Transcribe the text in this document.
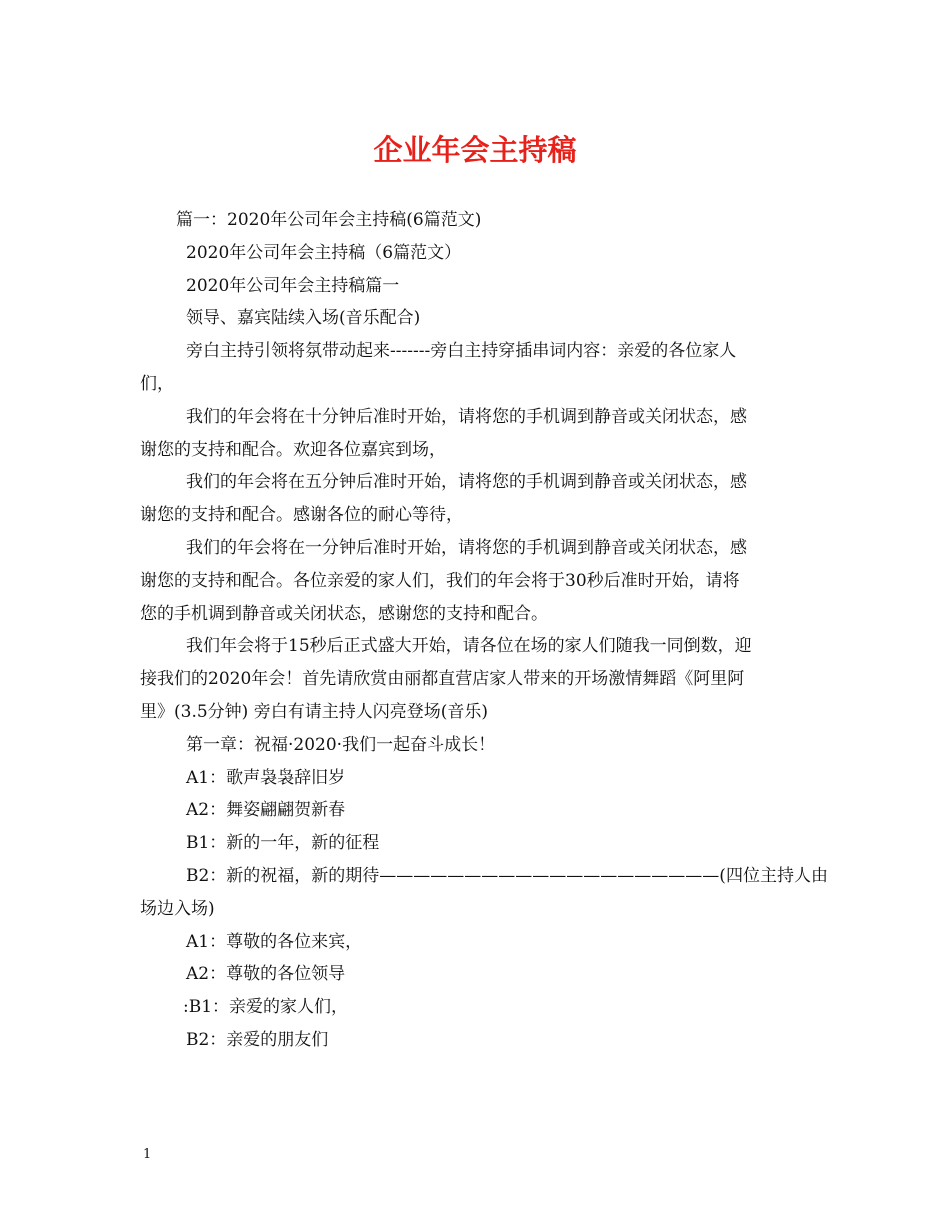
企业年会主持稿

篇一：2020年公司年会主持稿(6篇范文)

2020年公司年会主持稿（6篇范文）

2020年公司年会主持稿篇一

领导、嘉宾陆续入场(音乐配合)

旁白主持引领将氛带动起来-------旁白主持穿插串词内容：亲爱的各位家人

们，

我们的年会将在十分钟后准时开始，请将您的手机调到静音或关闭状态，感

谢您的支持和配合。欢迎各位嘉宾到场，

我们的年会将在五分钟后准时开始，请将您的手机调到静音或关闭状态，感

谢您的支持和配合。感谢各位的耐心等待，

我们的年会将在一分钟后准时开始，请将您的手机调到静音或关闭状态，感

谢您的支持和配合。各位亲爱的家人们，我们的年会将于30秒后准时开始，请将

您的手机调到静音或关闭状态，感谢您的支持和配合。

我们年会将于15秒后正式盛大开始，请各位在场的家人们随我一同倒数，迎

接我们的2020年会！首先请欣赏由丽都直营店家人带来的开场激情舞蹈《阿里阿

里》(3.5分钟) 旁白有请主持人闪亮登场(音乐)

第一章：祝福·2020·我们一起奋斗成长！

A1：歌声袅袅辞旧岁

A2：舞姿翩翩贺新春

B1：新的一年，新的征程

B2：新的祝福，新的期待————————————————————(四位主持人由

场边入场)

A1：尊敬的各位来宾，

A2：尊敬的各位领导

:B1：亲爱的家人们，

B2：亲爱的朋友们

1
